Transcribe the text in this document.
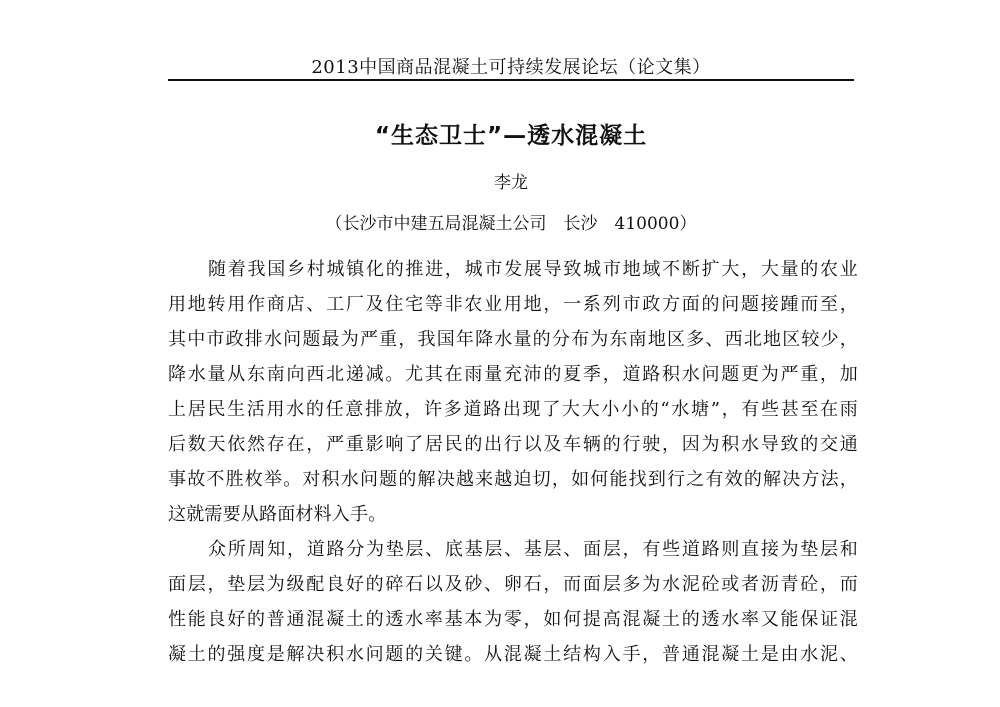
2013中国商品混凝土可持续发展论坛（论文集）
“生态卫士”—透水混凝土
李龙
（长沙市中建五局混凝土公司　长沙　410000）
随着我国乡村城镇化的推进，城市发展导致城市地域不断扩大，大量的农业
用地转用作商店、工厂及住宅等非农业用地，一系列市政方面的问题接踵而至，
其中市政排水问题最为严重，我国年降水量的分布为东南地区多、西北地区较少，
降水量从东南向西北递减。尤其在雨量充沛的夏季，道路积水问题更为严重，加
上居民生活用水的任意排放，许多道路出现了大大小小的“水塘”，有些甚至在雨
后数天依然存在，严重影响了居民的出行以及车辆的行驶，因为积水导致的交通
事故不胜枚举。对积水问题的解决越来越迫切，如何能找到行之有效的解决方法，
这就需要从路面材料入手。
众所周知，道路分为垫层、底基层、基层、面层，有些道路则直接为垫层和
面层，垫层为级配良好的碎石以及砂、卵石，而面层多为水泥砼或者沥青砼，而
性能良好的普通混凝土的透水率基本为零，如何提高混凝土的透水率又能保证混
凝土的强度是解决积水问题的关键。从混凝土结构入手，普通混凝土是由水泥、
